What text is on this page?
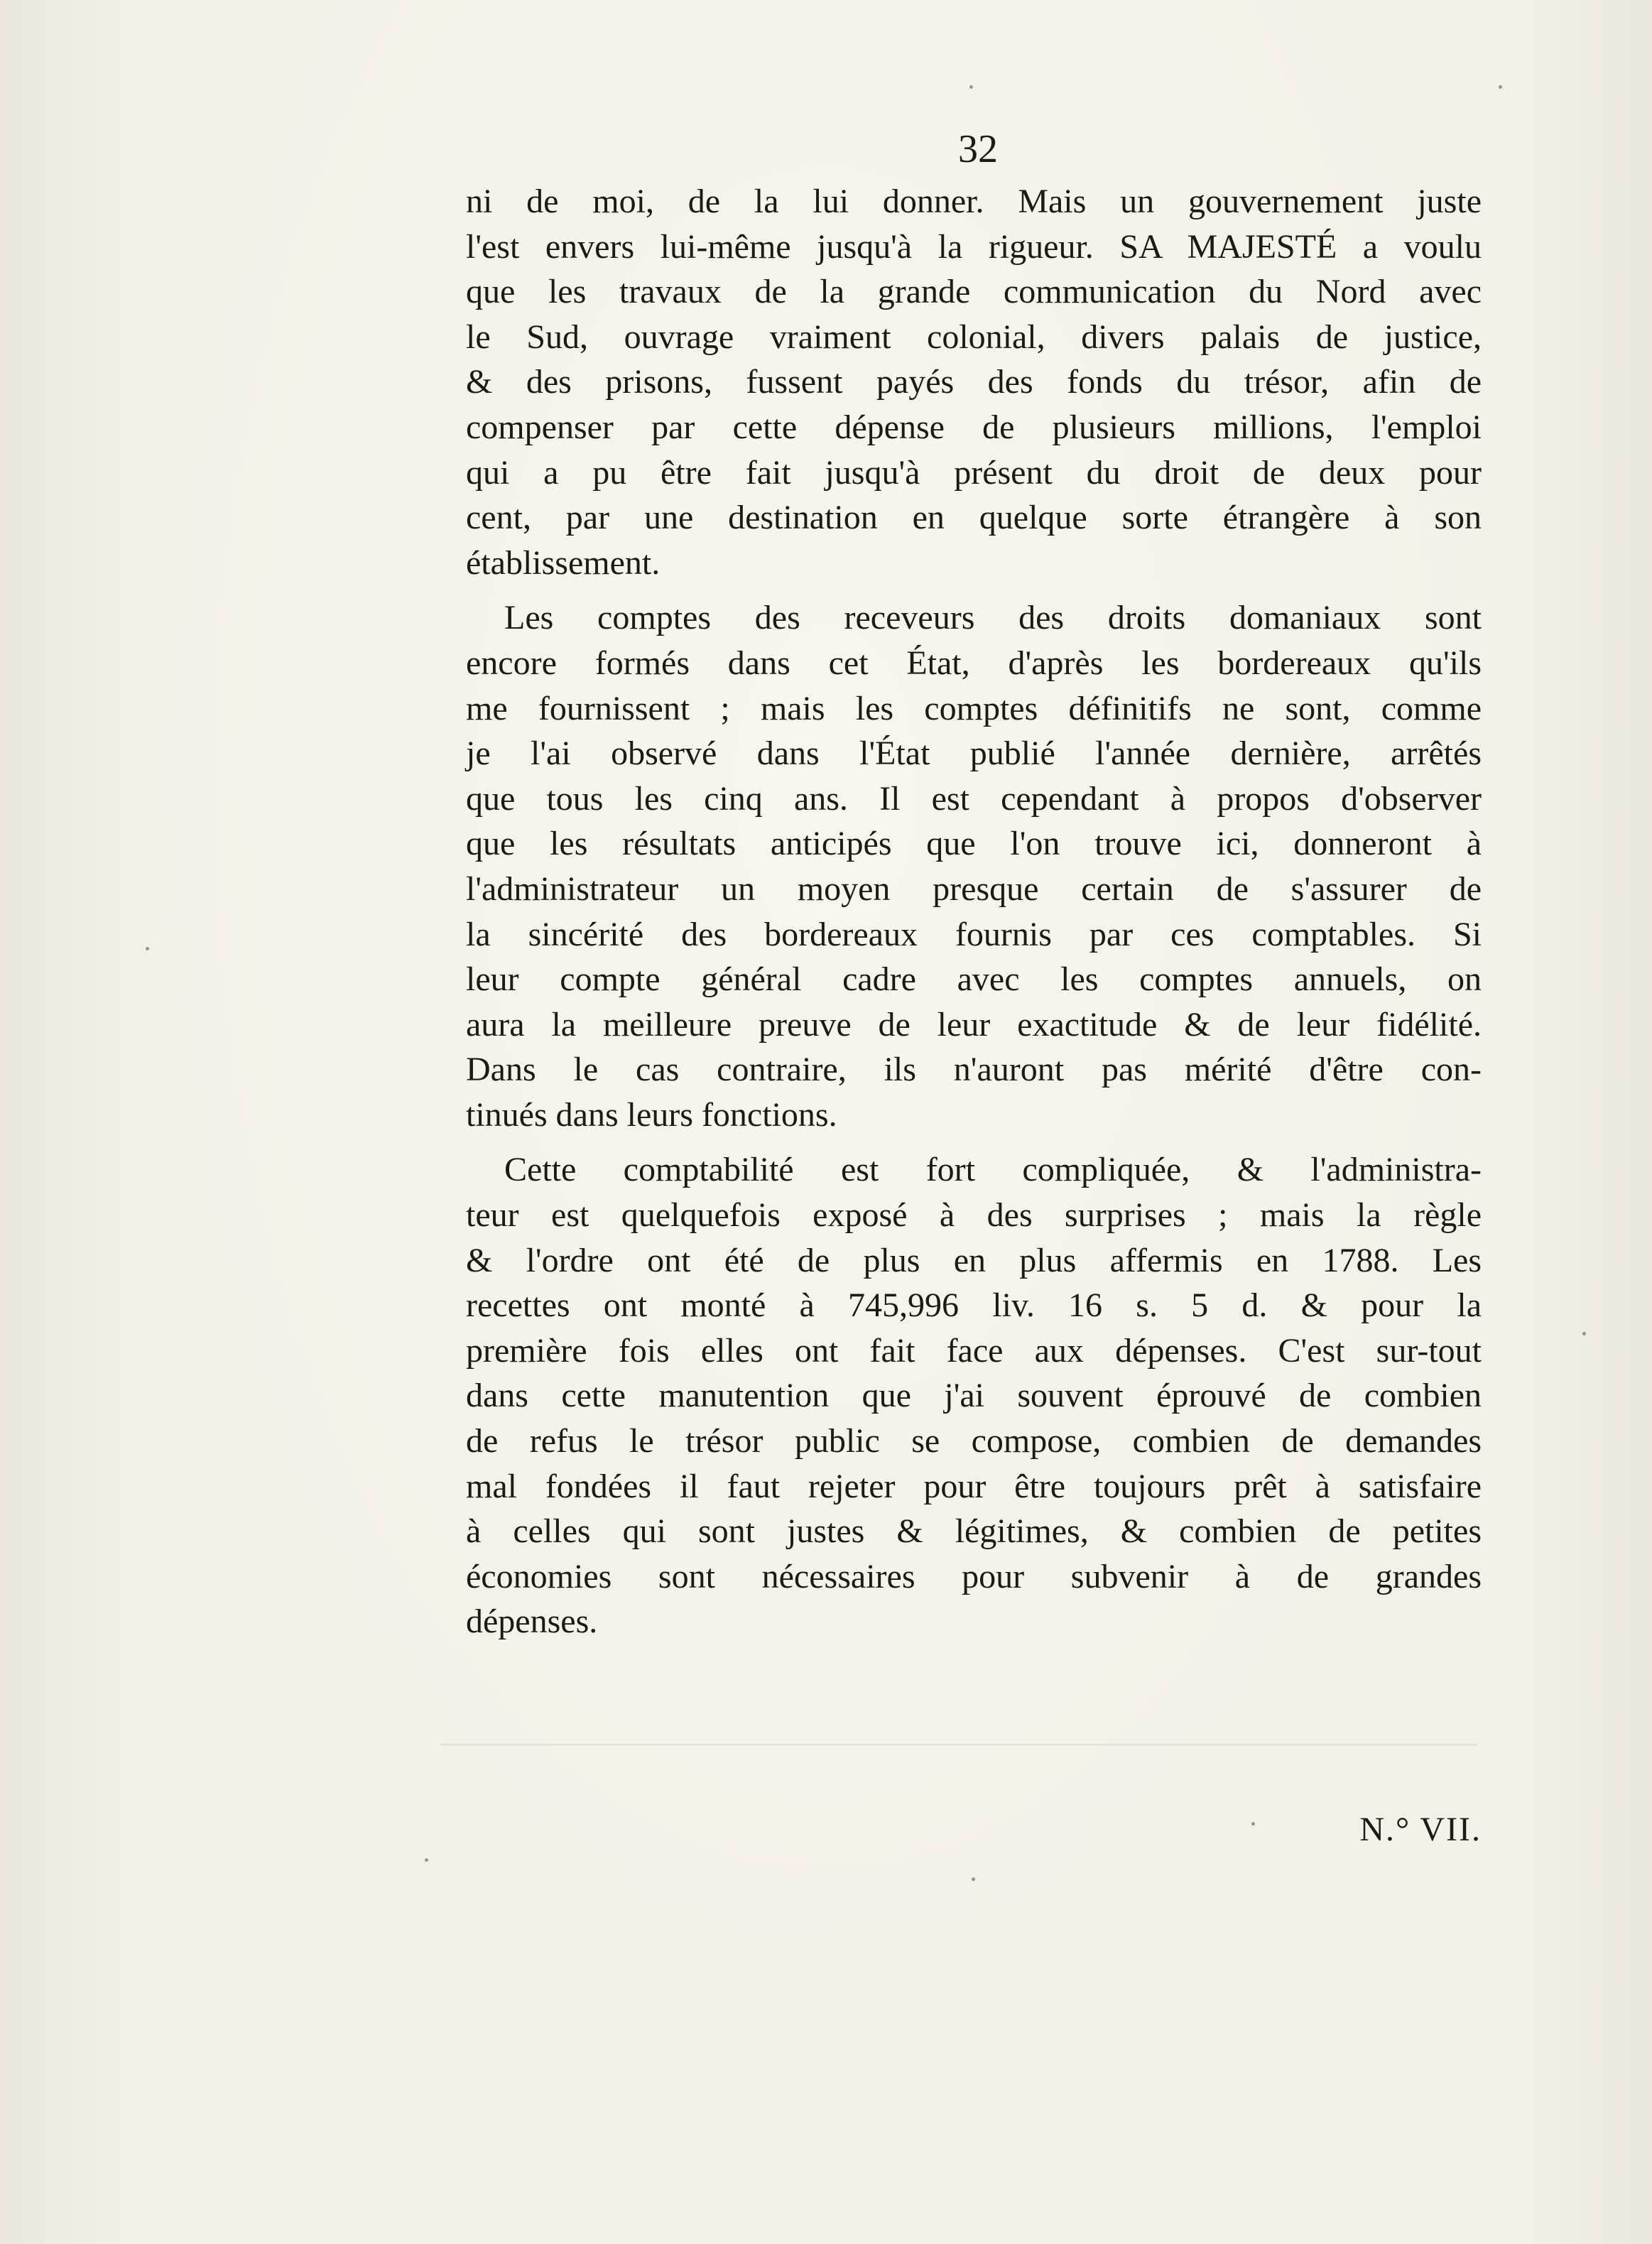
32

ni de moi, de la lui donner. Mais un gouvernement juste
l'est envers lui-même jusqu'à la rigueur. SA MAJESTÉ a voulu
que les travaux de la grande communication du Nord avec
le Sud, ouvrage vraiment colonial, divers palais de justice,
& des prisons, fussent payés des fonds du trésor, afin de
compenser par cette dépense de plusieurs millions, l'emploi
qui a pu être fait jusqu'à présent du droit de deux pour
cent, par une destination en quelque sorte étrangère à son
établissement.

Les comptes des receveurs des droits domaniaux sont
encore formés dans cet État, d'après les bordereaux qu'ils
me fournissent ; mais les comptes définitifs ne sont, comme
je l'ai observé dans l'État publié l'année dernière, arrêtés
que tous les cinq ans. Il est cependant à propos d'observer
que les résultats anticipés que l'on trouve ici, donneront à
l'administrateur un moyen presque certain de s'assurer de
la sincérité des bordereaux fournis par ces comptables. Si
leur compte général cadre avec les comptes annuels, on
aura la meilleure preuve de leur exactitude & de leur fidélité.
Dans le cas contraire, ils n'auront pas mérité d'être con-
tinués dans leurs fonctions.

Cette comptabilité est fort compliquée, & l'administra-
teur est quelquefois exposé à des surprises ; mais la règle
& l'ordre ont été de plus en plus affermis en 1788. Les
recettes ont monté à 745,996 liv. 16 s. 5 d. & pour la
première fois elles ont fait face aux dépenses. C'est sur-tout
dans cette manutention que j'ai souvent éprouvé de combien
de refus le trésor public se compose, combien de demandes
mal fondées il faut rejeter pour être toujours prêt à satisfaire
à celles qui sont justes & légitimes, & combien de petites
économies sont nécessaires pour subvenir à de grandes
dépenses.

N.° VII.
